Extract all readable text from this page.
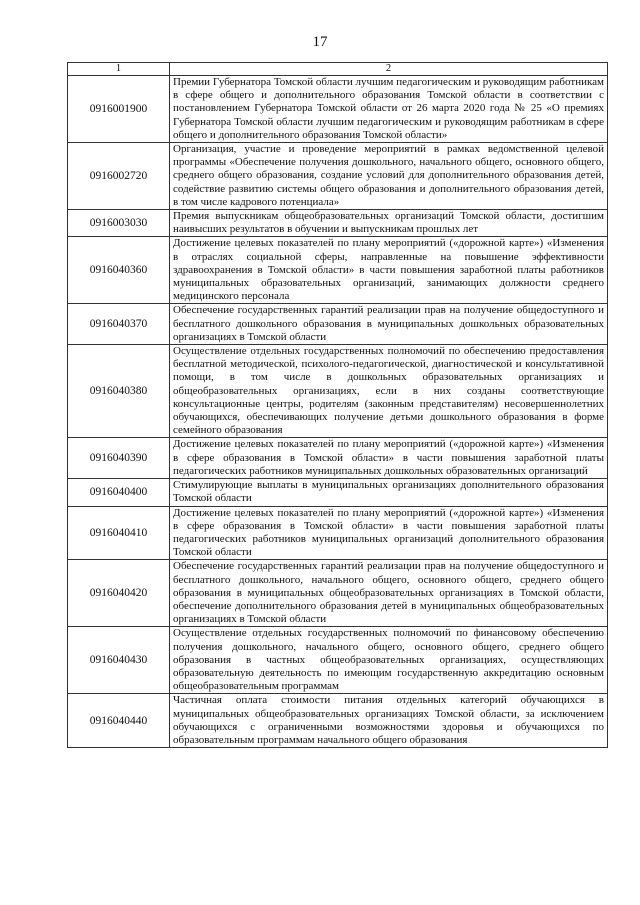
17
1	2
0916001900	Премии Губернатора Томской области лучшим педагогическим и руководящим работникам в сфере общего и дополнительного образования Томской области в соответствии с постановлением Губернатора Томской области от 26 марта 2020 года № 25 «О премиях Губернатора Томской области лучшим педагогическим и руководящим работникам в сфере общего и дополнительного образования Томской области»
0916002720	Организация, участие и проведение мероприятий в рамках ведомственной целевой программы «Обеспечение получения дошкольного, начального общего, основного общего, среднего общего образования, создание условий для дополнительного образования детей, содействие развитию системы общего образования и дополнительного образования детей, в том числе кадрового потенциала»
0916003030	Премия выпускникам общеобразовательных организаций Томской области, достигшим наивысших результатов в обучении и выпускникам прошлых лет
0916040360	Достижение целевых показателей по плану мероприятий («дорожной карте») «Изменения в отраслях социальной сферы, направленные на повышение эффективности здравоохранения в Томской области» в части повышения заработной платы работников муниципальных образовательных организаций, занимающих должности среднего медицинского персонала
0916040370	Обеспечение государственных гарантий реализации прав на получение общедоступного и бесплатного дошкольного образования в муниципальных дошкольных образовательных организациях в Томской области
0916040380	Осуществление отдельных государственных полномочий по обеспечению предоставления бесплатной методической, психолого-педагогической, диагностической и консультативной помощи, в том числе в дошкольных образовательных организациях и общеобразовательных организациях, если в них созданы соответствующие консультационные центры, родителям (законным представителям) несовершеннолетних обучающихся, обеспечивающих получение детьми дошкольного образования в форме семейного образования
0916040390	Достижение целевых показателей по плану мероприятий («дорожной карте») «Изменения в сфере образования в Томской области» в части повышения заработной платы педагогических работников муниципальных дошкольных образовательных организаций
0916040400	Стимулирующие выплаты в муниципальных организациях дополнительного образования Томской области
0916040410	Достижение целевых показателей по плану мероприятий («дорожной карте») «Изменения в сфере образования в Томской области» в части повышения заработной платы педагогических работников муниципальных организаций дополнительного образования Томской области
0916040420	Обеспечение государственных гарантий реализации прав на получение общедоступного и бесплатного дошкольного, начального общего, основного общего, среднего общего образования в муниципальных общеобразовательных организациях в Томской области, обеспечение дополнительного образования детей в муниципальных общеобразовательных организациях в Томской области
0916040430	Осуществление отдельных государственных полномочий по финансовому обеспечению получения дошкольного, начального общего, основного общего, среднего общего образования в частных общеобразовательных организациях, осуществляющих образовательную деятельность по имеющим государственную аккредитацию основным общеобразовательным программам
0916040440	Частичная оплата стоимости питания отдельных категорий обучающихся в муниципальных общеобразовательных организациях Томской области, за исключением обучающихся с ограниченными возможностями здоровья и обучающихся по образовательным программам начального общего образования
